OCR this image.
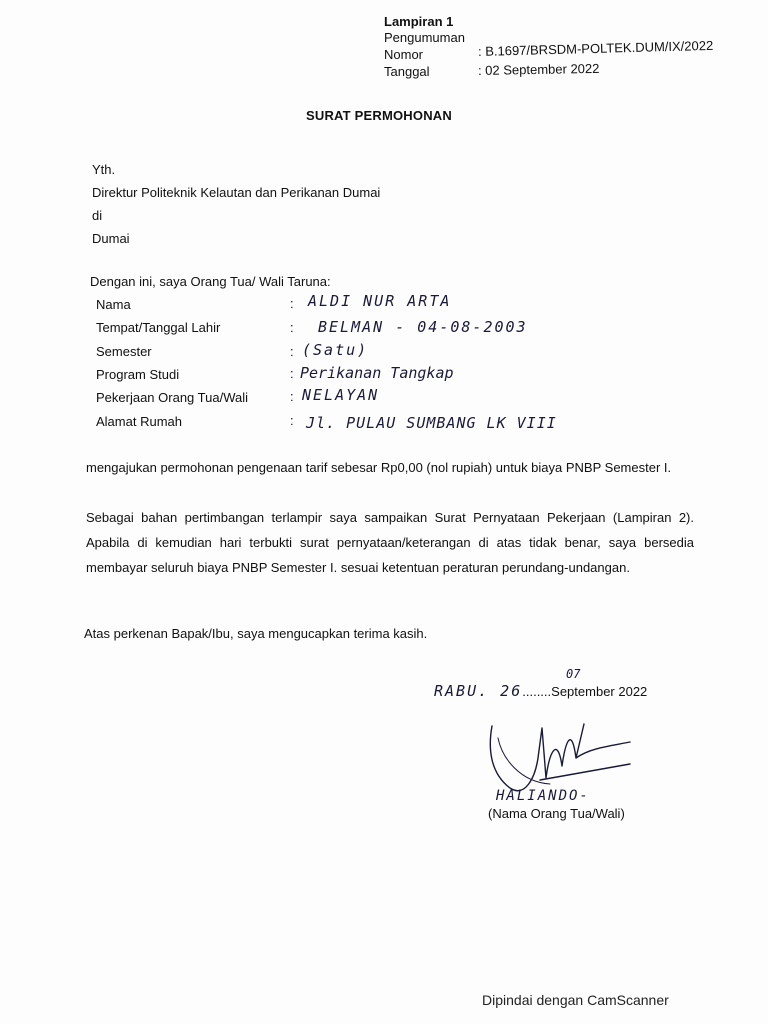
Lampiran 1
Pengumuman
Nomor	: B.1697/BRSDM-POLTEK.DUM/IX/2022
Tanggal	: 02 September 2022
SURAT PERMOHONAN
Yth.
Direktur Politeknik Kelautan dan Perikanan Dumai
di
Dumai
Dengan ini, saya Orang Tua/ Wali Taruna:
Nama	: ALDI NUR ARTA
Tempat/Tanggal Lahir	: BELMAN - 04-08-2003
Semester	: (Satu)
Program Studi	: Perikanan Tangkap
Pekerjaan Orang Tua/Wali	: NELAYAN
Alamat Rumah	: Jl. PULAU SUMBANG LK VIII
mengajukan permohonan pengenaan tarif sebesar Rp0,00 (nol rupiah) untuk biaya PNBP Semester I.
Sebagai bahan pertimbangan terlampir saya sampaikan Surat Pernyataan Pekerjaan (Lampiran 2). Apabila di kemudian hari terbukti surat pernyataan/keterangan di atas tidak benar, saya bersedia membayar seluruh biaya PNBP Semester I. sesuai ketentuan peraturan perundang-undangan.
Atas perkenan Bapak/Ibu, saya mengucapkan terima kasih.
07
RABU. 26........September 2022
HALIANDO-
(Nama Orang Tua/Wali)
Dipindai dengan CamScanner
